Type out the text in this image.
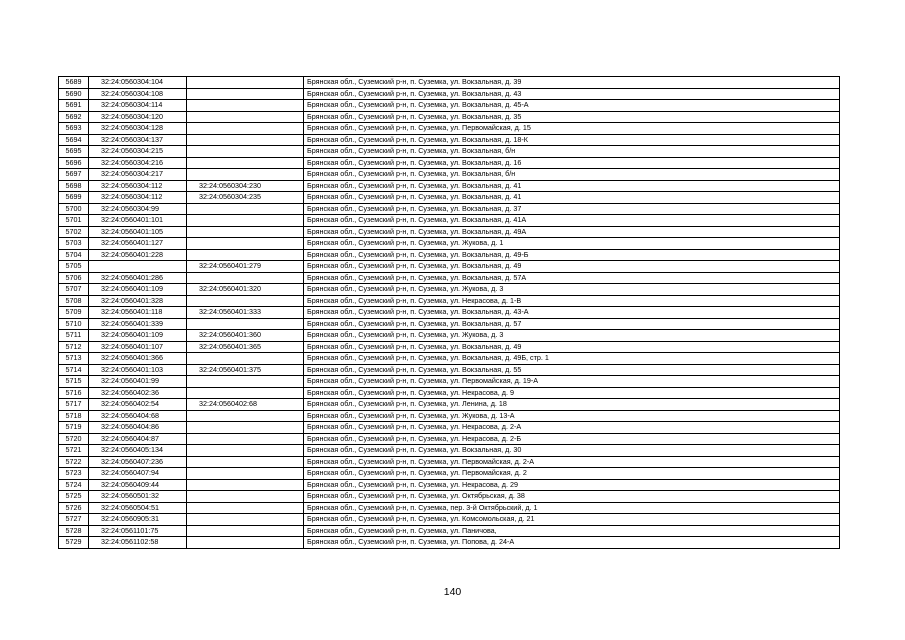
5689	32:24:0560304:104		Брянская обл., Суземский р-н, п. Суземка, ул. Вокзальная, д. 39
5690	32:24:0560304:108		Брянская обл., Суземский р-н, п. Суземка, ул. Вокзальная, д. 43
5691	32:24:0560304:114		Брянская обл., Суземский р-н, п. Суземка, ул. Вокзальная, д. 45-А
5692	32:24:0560304:120		Брянская обл., Суземский р-н, п. Суземка, ул. Вокзальная, д. 35
5693	32:24:0560304:128		Брянская обл., Суземский р-н, п. Суземка, ул. Первомайская, д. 15
5694	32:24:0560304:137		Брянская обл., Суземский р-н, п. Суземка, ул. Вокзальная, д. 18-К
5695	32:24:0560304:215		Брянская обл., Суземский р-н, п. Суземка, ул. Вокзальная, б/н
5696	32:24:0560304:216		Брянская обл., Суземский р-н, п. Суземка, ул. Вокзальная, д. 16
5697	32:24:0560304:217		Брянская обл., Суземский р-н, п. Суземка, ул. Вокзальная, б/н
5698	32:24:0560304:112	32:24:0560304:230	Брянская обл., Суземский р-н, п. Суземка, ул. Вокзальная, д. 41
5699	32:24:0560304:112	32:24:0560304:235	Брянская обл., Суземский р-н, п. Суземка, ул. Вокзальная, д. 41
5700	32:24:0560304:99		Брянская обл., Суземский р-н, п. Суземка, ул. Вокзальная, д. 37
5701	32:24:0560401:101		Брянская обл., Суземский р-н, п. Суземка, ул. Вокзальная, д. 41А
5702	32:24:0560401:105		Брянская обл., Суземский р-н, п. Суземка, ул. Вокзальная, д. 49А
5703	32:24:0560401:127		Брянская обл., Суземский р-н, п. Суземка, ул. Жукова, д. 1
5704	32:24:0560401:228		Брянская обл., Суземский р-н, п. Суземка, ул. Вокзальная, д. 49-Б
5705		32:24:0560401:279	Брянская обл., Суземский р-н, п. Суземка, ул. Вокзальная, д. 49
5706	32:24:0560401:286		Брянская обл., Суземский р-н, п. Суземка, ул. Вокзальная, д. 57А
5707	32:24:0560401:109	32:24:0560401:320	Брянская обл., Суземский р-н, п. Суземка, ул. Жукова, д. 3
5708	32:24:0560401:328		Брянская обл., Суземский р-н, п. Суземка, ул. Некрасова, д. 1-В
5709	32:24:0560401:118	32:24:0560401:333	Брянская обл., Суземский р-н, п. Суземка, ул. Вокзальная, д. 43-А
5710	32:24:0560401:339		Брянская обл., Суземский р-н, п. Суземка, ул. Вокзальная, д. 57
5711	32:24:0560401:109	32:24:0560401:360	Брянская обл., Суземский р-н, п. Суземка, ул. Жукова, д. 3
5712	32:24:0560401:107	32:24:0560401:365	Брянская обл., Суземский р-н, п. Суземка, ул. Вокзальная, д. 49
5713	32:24:0560401:366		Брянская обл., Суземский р-н, п. Суземка, ул. Вокзальная, д. 49Б, стр. 1
5714	32:24:0560401:103	32:24:0560401:375	Брянская обл., Суземский р-н, п. Суземка, ул. Вокзальная, д. 55
5715	32:24:0560401:99		Брянская обл., Суземский р-н, п. Суземка, ул. Первомайская, д. 19-А
5716	32:24:0560402:36		Брянская обл., Суземский р-н, п. Суземка, ул. Некрасова, д. 9
5717	32:24:0560402:54	32:24:0560402:68	Брянская обл., Суземский р-н, п. Суземка, ул. Ленина, д. 18
5718	32:24:0560404:68		Брянская обл., Суземский р-н, п. Суземка, ул. Жукова, д. 13-А
5719	32:24:0560404:86		Брянская обл., Суземский р-н, п. Суземка, ул. Некрасова, д. 2-А
5720	32:24:0560404:87		Брянская обл., Суземский р-н, п. Суземка, ул. Некрасова, д. 2-Б
5721	32:24:0560405:134		Брянская обл., Суземский р-н, п. Суземка, ул. Вокзальная, д. 30
5722	32:24:0560407:236		Брянская обл., Суземский р-н, п. Суземка, ул. Первомайская, д. 2-А
5723	32:24:0560407:94		Брянская обл., Суземский р-н, п. Суземка, ул. Первомайская, д. 2
5724	32:24:0560409:44		Брянская обл., Суземский р-н, п. Суземка, ул. Некрасова, д. 29
5725	32:24:0560501:32		Брянская обл., Суземский р-н, п. Суземка, ул. Октябрьская, д. 38
5726	32:24:0560504:51		Брянская обл., Суземский р-н, п. Суземка, пер. 3-й Октябрьский, д. 1
5727	32:24:0560905:31		Брянская обл., Суземский р-н, п. Суземка, ул. Комсомольская, д. 21
5728	32:24:0561101:75		Брянская обл., Суземский р-н, п. Суземка, ул. Паничова,
5729	32:24:0561102:58		Брянская обл., Суземский р-н, п. Суземка, ул. Попова, д. 24-А
140
